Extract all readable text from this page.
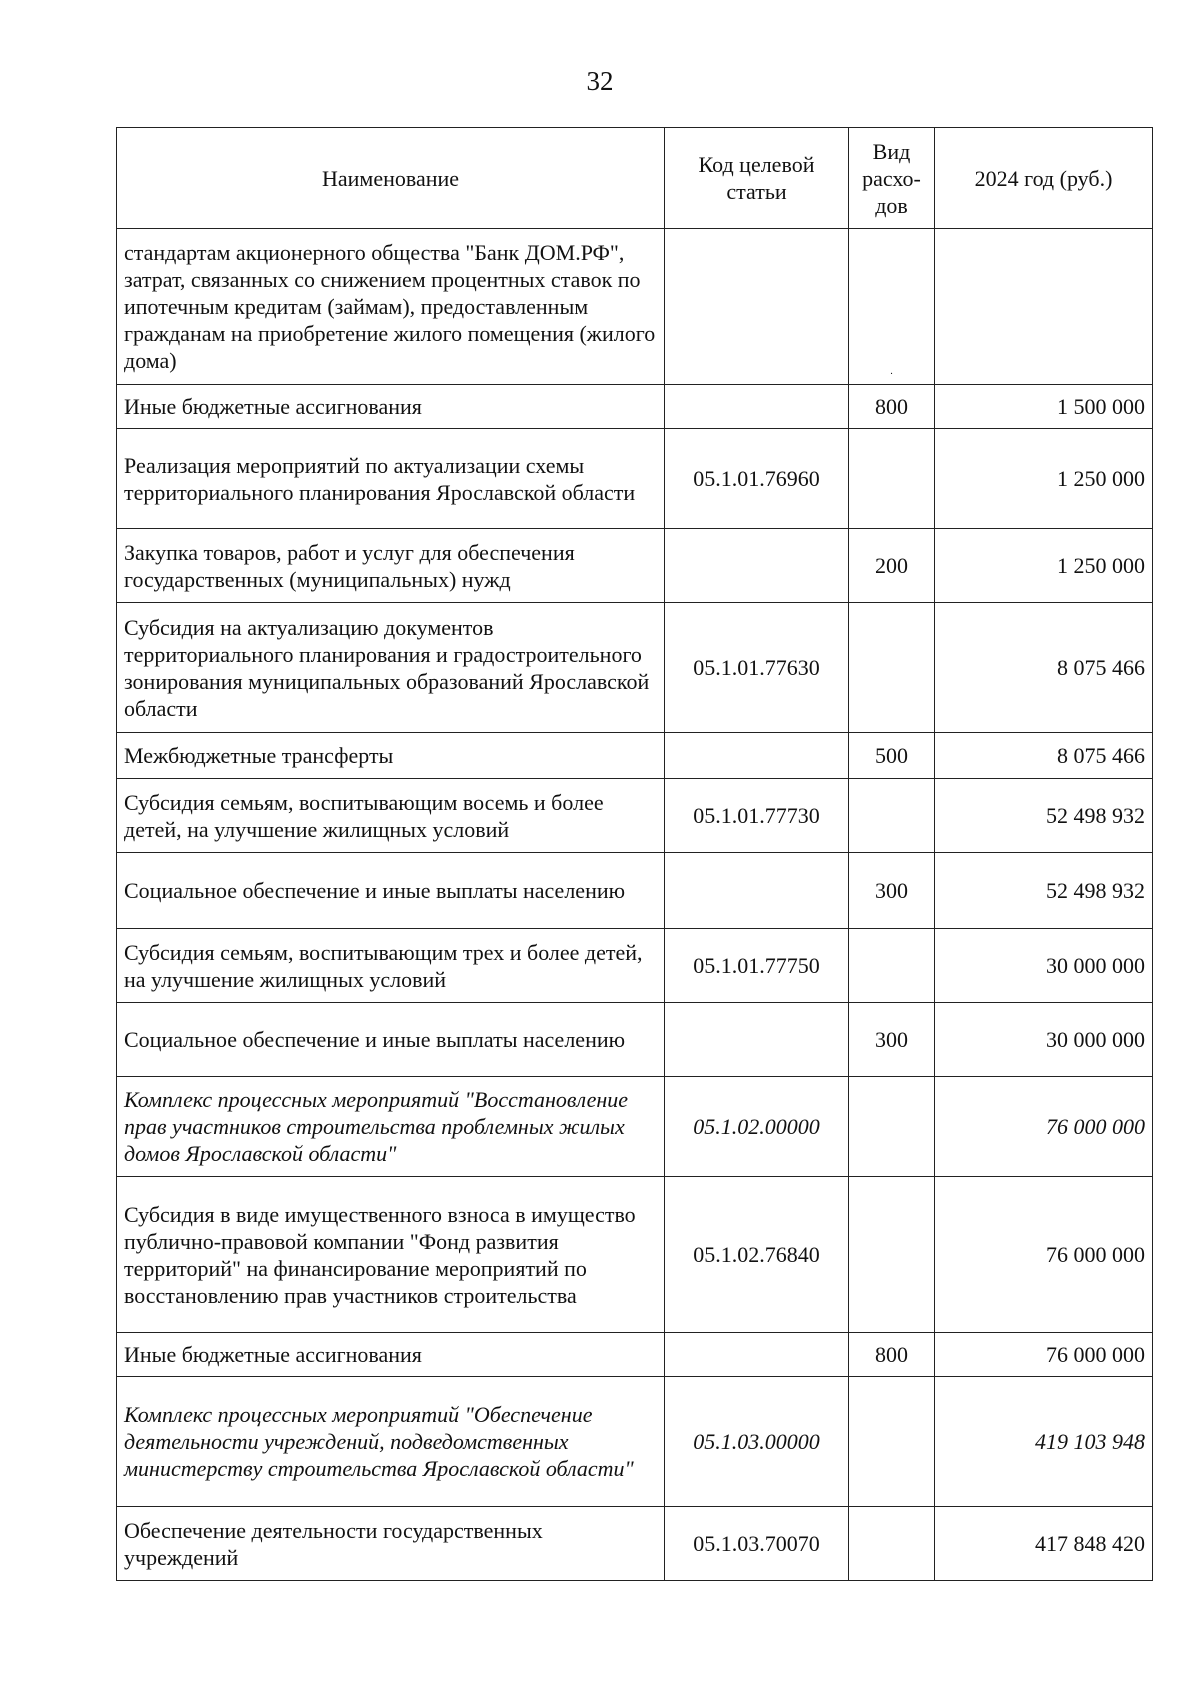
32
Наименование	Код целевой статьи	Вид расхо- дов	2024 год (руб.)
стандартам акционерного общества "Банк ДОМ.РФ", затрат, связанных со снижением процентных ставок по ипотечным кредитам (займам), предоставленным гражданам на приобретение жилого помещения (жилого дома)		·	

Иные бюджетные ассигнования		800	1 500 000
Реализация мероприятий по актуализации схемы территориального планирования Ярославской области	05.1.01.76960		1 250 000
Закупка товаров, работ и услуг для обеспечения государственных (муниципальных) нужд		200	1 250 000
Субсидия на актуализацию документов территориального планирования и градостроительного зонирования муниципальных образований Ярославской области	05.1.01.77630		8 075 466
Межбюджетные трансферты		500	8 075 466
Субсидия семьям, воспитывающим восемь и более детей, на улучшение жилищных условий	05.1.01.77730		52 498 932
Социальное обеспечение и иные выплаты населению		300	52 498 932
Субсидия семьям, воспитывающим трех и более детей, на улучшение жилищных условий	05.1.01.77750		30 000 000
Социальное обеспечение и иные выплаты населению		300	30 000 000
Комплекс процессных мероприятий "Восстановление прав участников строительства проблемных жилых домов Ярославской области"	05.1.02.00000		76 000 000
Субсидия в виде имущественного взноса в имущество публично-правовой компании "Фонд развития территорий" на финансирование мероприятий по восстановлению прав участников строительства	05.1.02.76840		76 000 000
Иные бюджетные ассигнования		800	76 000 000
Комплекс процессных мероприятий "Обеспечение деятельности учреждений, подведомственных министерству строительства Ярославской области"	05.1.03.00000		419 103 948
Обеспечение деятельности государственных учреждений	05.1.03.70070		417 848 420
